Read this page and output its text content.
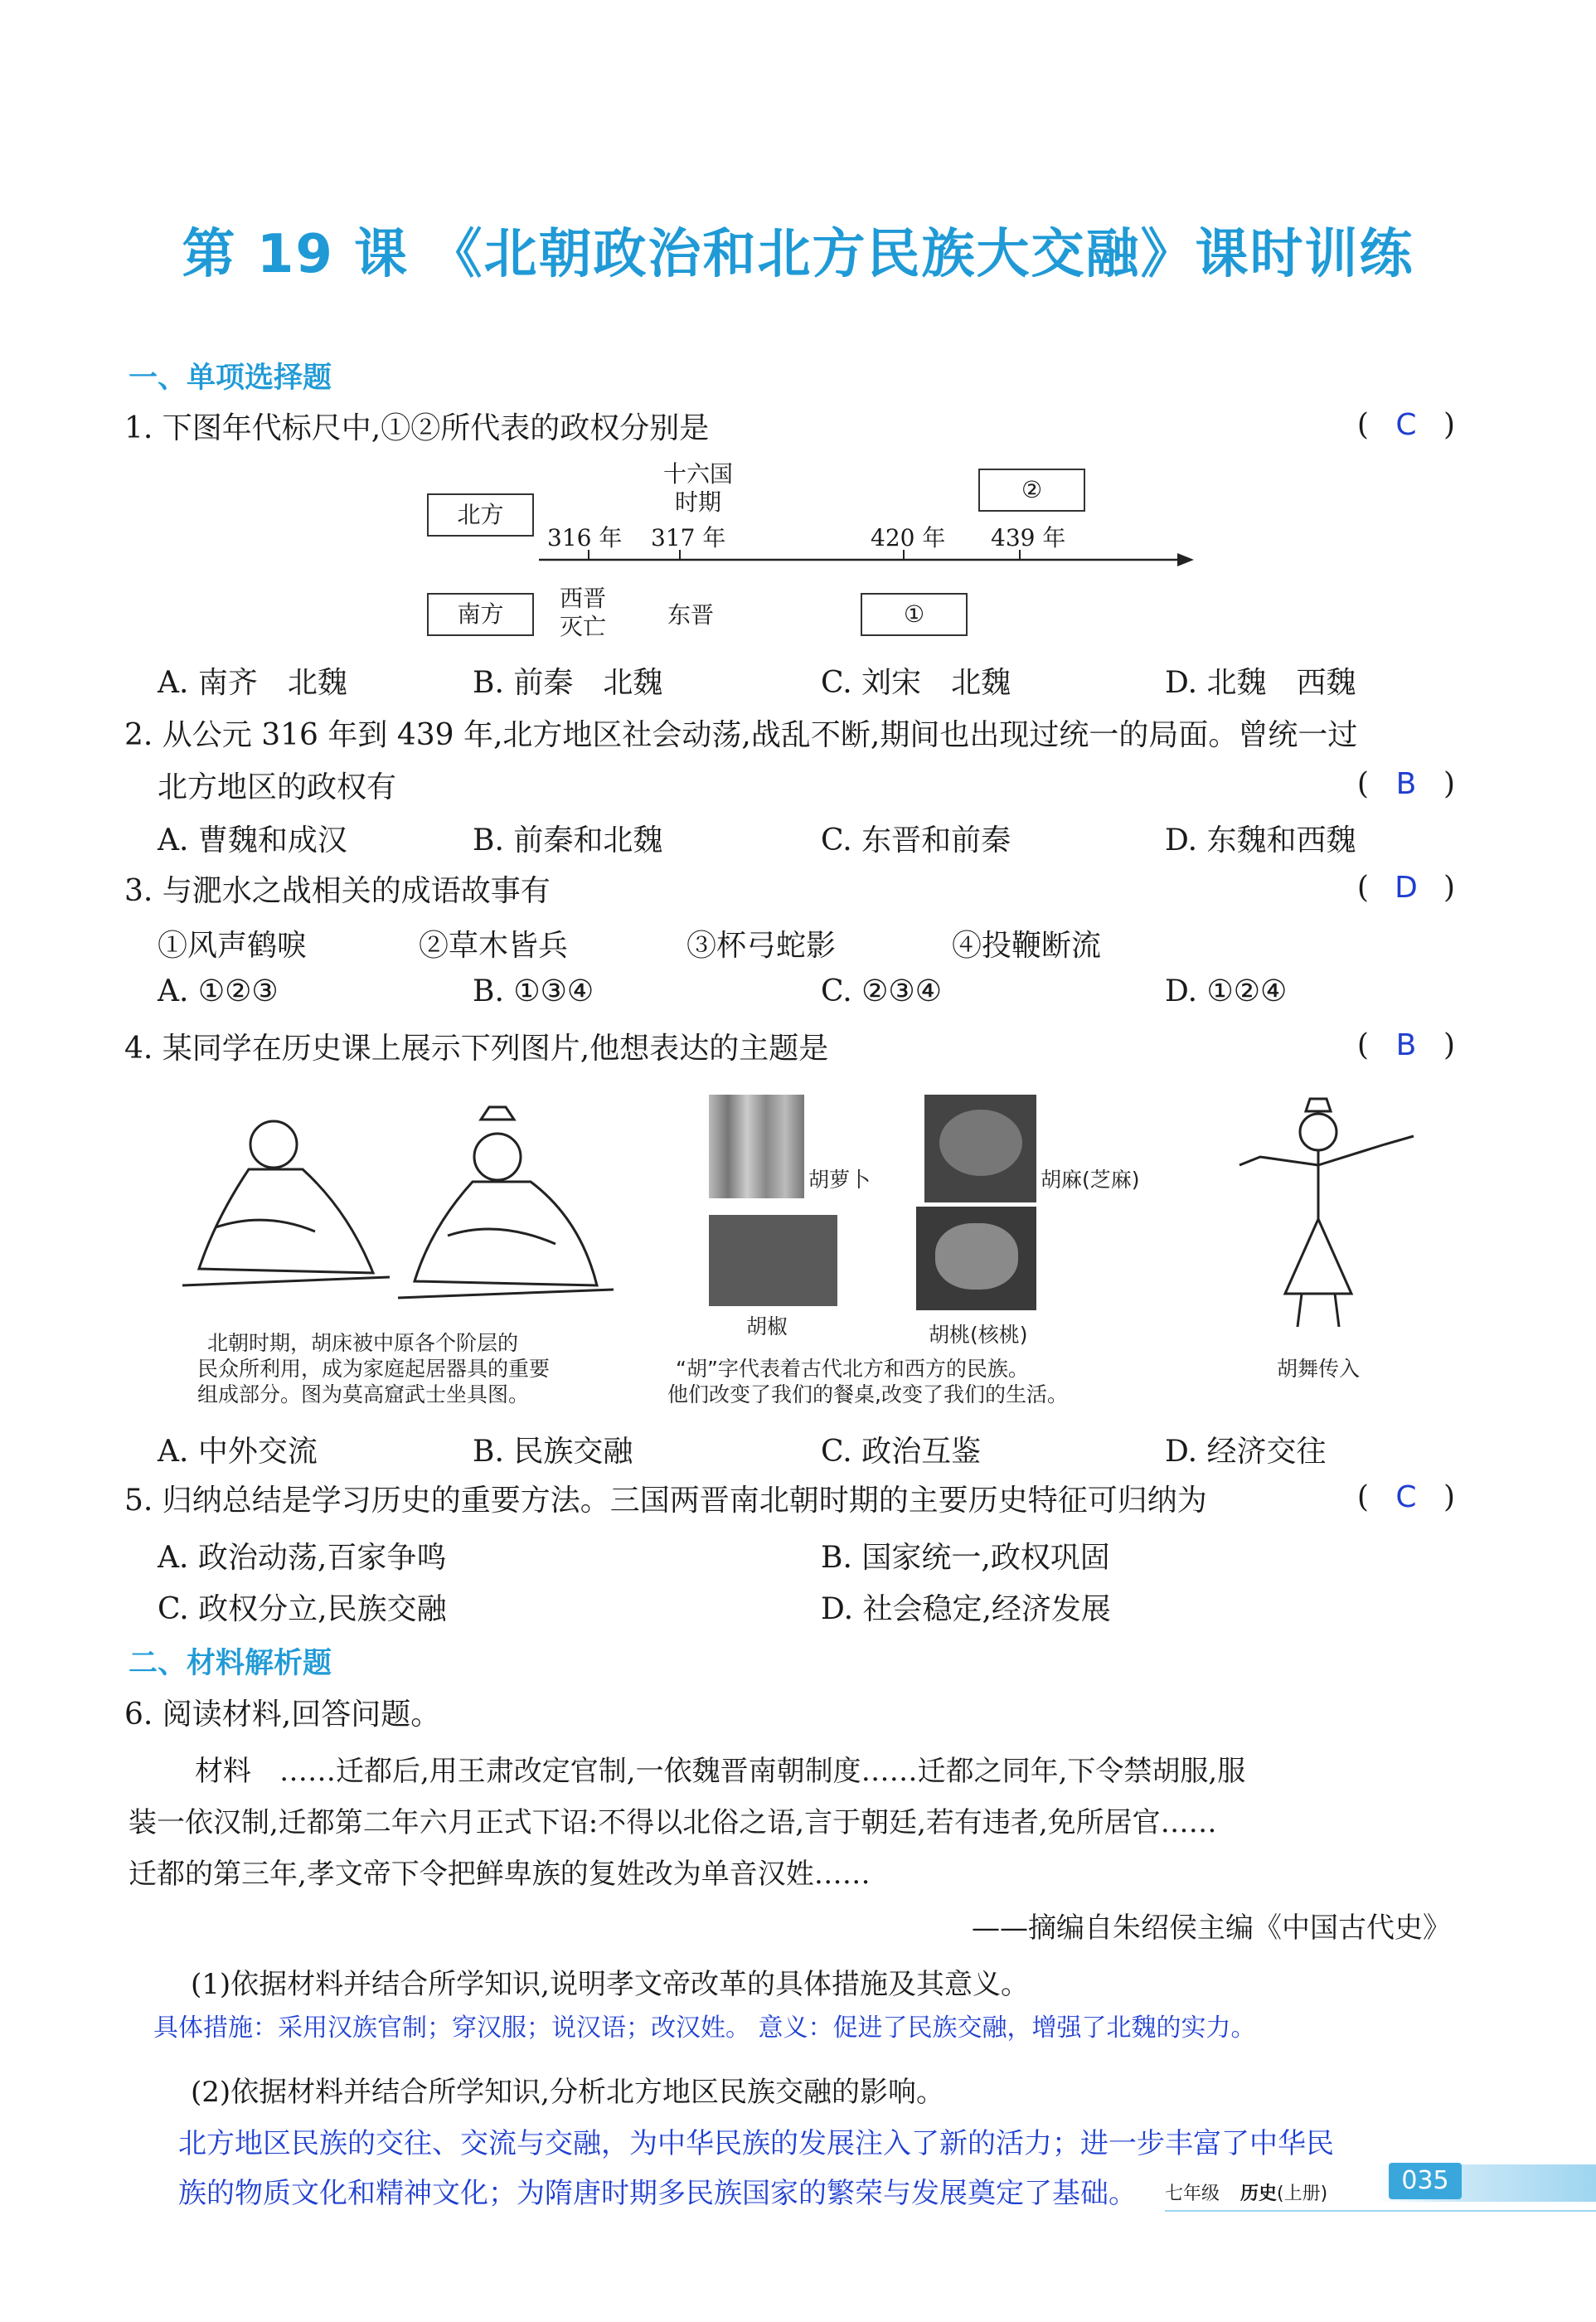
第 19 课 《北朝政治和北方民族大交融》课时训练
一、单项选择题
1. 下图年代标尺中,①②所代表的政权分别是	( C )
北方
南方
十六国
时期	②
316 年 317 年	420 年 439 年
西晋
灭亡	东晋	①
A. 南齐　北魏	B. 前秦　北魏	C. 刘宋　北魏	D. 北魏　西魏
2. 从公元 316 年到 439 年,北方地区社会动荡,战乱不断,期间也出现过统一的局面。曾统一过
北方地区的政权有	( B )
A. 曹魏和成汉	B. 前秦和北魏	C. 东晋和前秦	D. 东魏和西魏
3. 与淝水之战相关的成语故事有	( D )
①风声鹤唳	②草木皆兵	③杯弓蛇影	④投鞭断流
A. ①②③	B. ①③④	C. ②③④	D. ①②④
4. 某同学在历史课上展示下列图片,他想表达的主题是	( B )
北朝时期，胡床被中原各个阶层的
民众所利用，成为家庭起居器具的重要
组成部分。图为莫高窟武士坐具图。
胡萝卜	胡麻(芝麻)
胡椒	胡桃(核桃)
“胡”字代表着古代北方和西方的民族。
他们改变了我们的餐桌,改变了我们的生活。
胡舞传入
A. 中外交流	B. 民族交融	C. 政治互鉴	D. 经济交往
5. 归纳总结是学习历史的重要方法。三国两晋南北朝时期的主要历史特征可归纳为	( C )
A. 政治动荡,百家争鸣	B. 国家统一,政权巩固
C. 政权分立,民族交融	D. 社会稳定,经济发展
二、材料解析题
6. 阅读材料,回答问题。
材料　……迁都后,用王肃改定官制,一依魏晋南朝制度……迁都之同年,下令禁胡服,服
装一依汉制,迁都第二年六月正式下诏:不得以北俗之语,言于朝廷,若有违者,免所居官……
迁都的第三年,孝文帝下令把鲜卑族的复姓改为单音汉姓……
——摘编自朱绍侯主编《中国古代史》
(1)依据材料并结合所学知识,说明孝文帝改革的具体措施及其意义。
具体措施：采用汉族官制；穿汉服；说汉语；改汉姓。 意义：促进了民族交融，增强了北魏的实力。
(2)依据材料并结合所学知识,分析北方地区民族交融的影响。
北方地区民族的交往、交流与交融，为中华民族的发展注入了新的活力；进一步丰富了中华民
族的物质文化和精神文化；为隋唐时期多民族国家的繁荣与发展奠定了基础。	035
七年级 历史(上册)
